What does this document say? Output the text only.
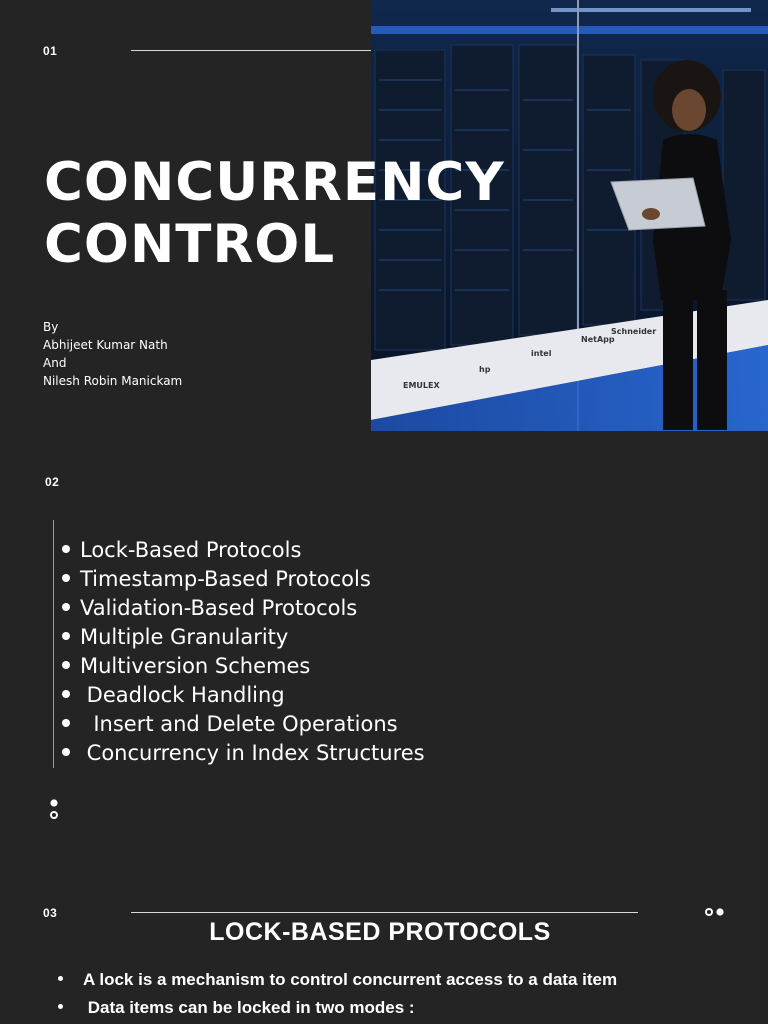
01
EMULEX
hp
intel
NetApp
Schneider
CONCURRENCY
CONTROL
By
Abhijeet Kumar Nath
And
Nilesh Robin Manickam
02
Lock-Based Protocols
Timestamp-Based Protocols
Validation-Based Protocols
Multiple Granularity
Multiversion Schemes
Deadlock Handling
Insert and Delete Operations
Concurrency in Index Structures
03
LOCK-BASED PROTOCOLS
A lock is a mechanism to control concurrent access to a data item
Data items can be locked in two modes :
